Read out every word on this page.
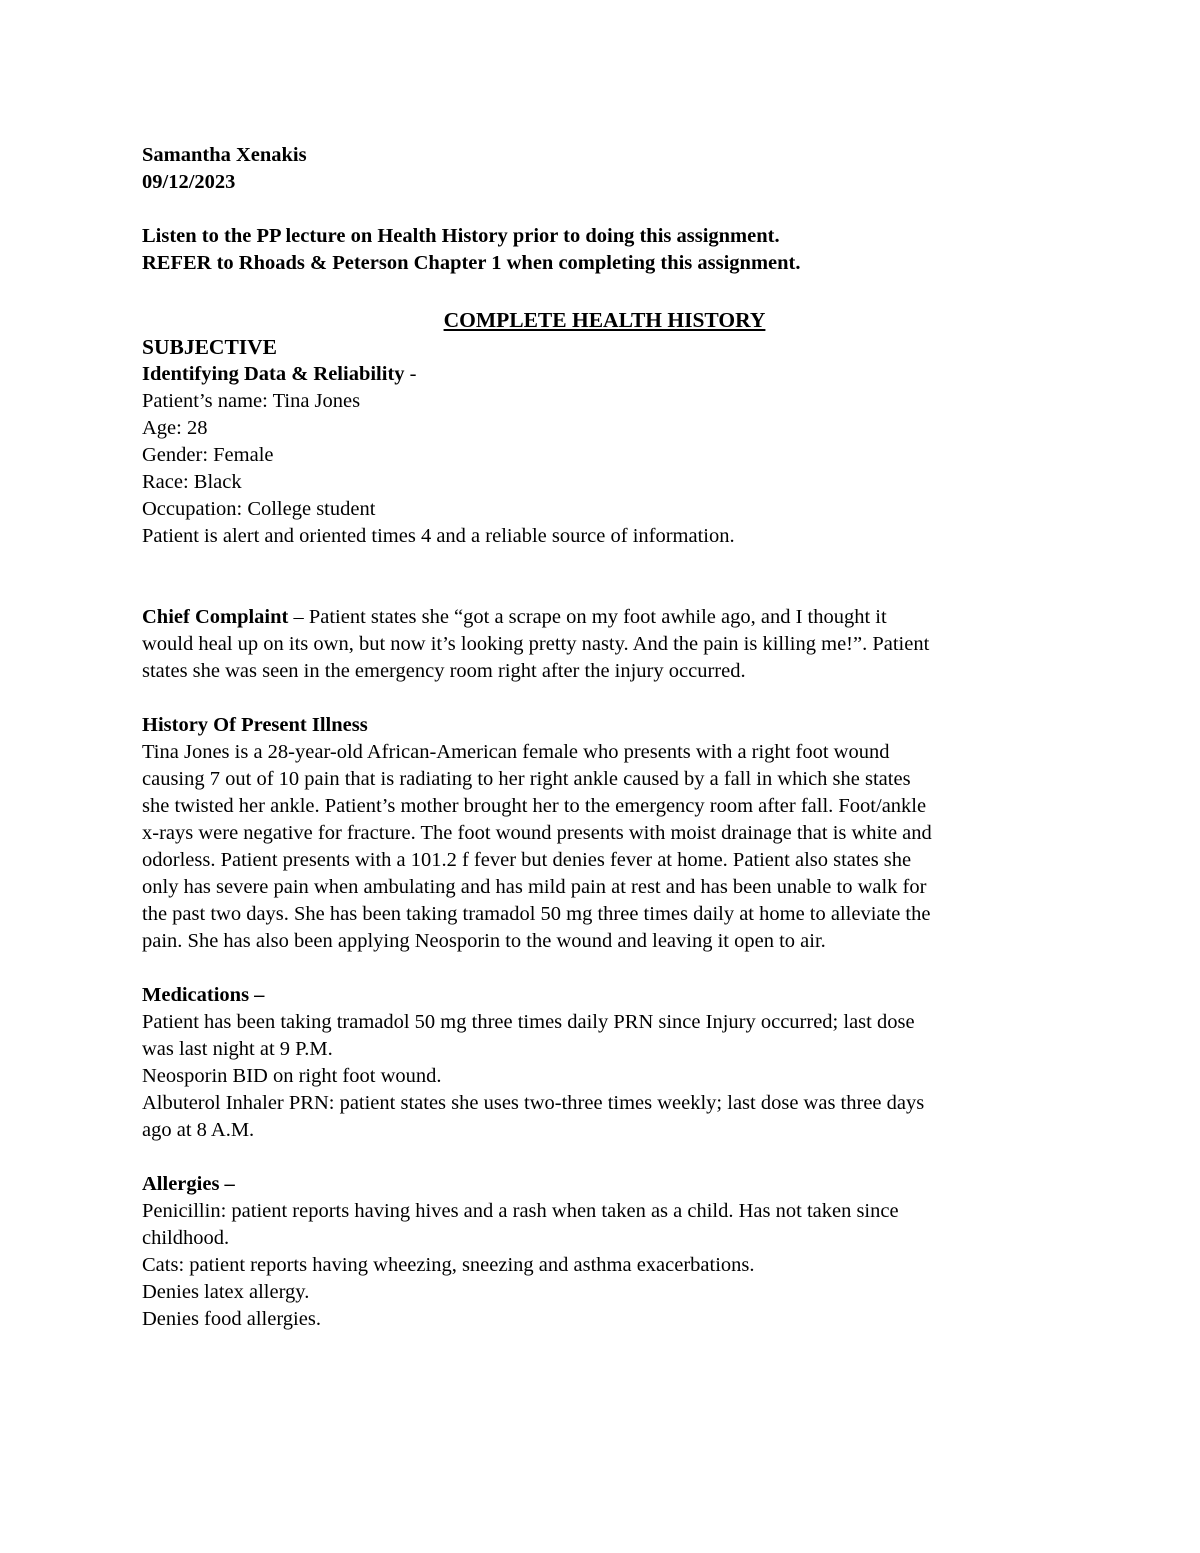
Samantha Xenakis
09/12/2023
Listen to the PP lecture on Health History prior to doing this assignment.
REFER to Rhoads & Peterson Chapter 1 when completing this assignment.
COMPLETE HEALTH HISTORY
SUBJECTIVE
Identifying Data & Reliability -
Patient’s name: Tina Jones
Age: 28
Gender: Female
Race: Black
Occupation: College student
Patient is alert and oriented times 4 and a reliable source of information.
Chief Complaint – Patient states she “got a scrape on my foot awhile ago, and I thought it
would heal up on its own, but now it’s looking pretty nasty. And the pain is killing me!”. Patient
states she was seen in the emergency room right after the injury occurred.
History Of Present Illness
Tina Jones is a 28-year-old African-American female who presents with a right foot wound
causing 7 out of 10 pain that is radiating to her right ankle caused by a fall in which she states
she twisted her ankle. Patient’s mother brought her to the emergency room after fall. Foot/ankle
x-rays were negative for fracture. The foot wound presents with moist drainage that is white and
odorless. Patient presents with a 101.2 f fever but denies fever at home. Patient also states she
only has severe pain when ambulating and has mild pain at rest and has been unable to walk for
the past two days. She has been taking tramadol 50 mg three times daily at home to alleviate the
pain. She has also been applying Neosporin to the wound and leaving it open to air.
Medications –
Patient has been taking tramadol 50 mg three times daily PRN since Injury occurred; last dose
was last night at 9 P.M.
Neosporin BID on right foot wound.
Albuterol Inhaler PRN: patient states she uses two-three times weekly; last dose was three days
ago at 8 A.M.
Allergies –
Penicillin: patient reports having hives and a rash when taken as a child. Has not taken since
childhood.
Cats: patient reports having wheezing, sneezing and asthma exacerbations.
Denies latex allergy.
Denies food allergies.
